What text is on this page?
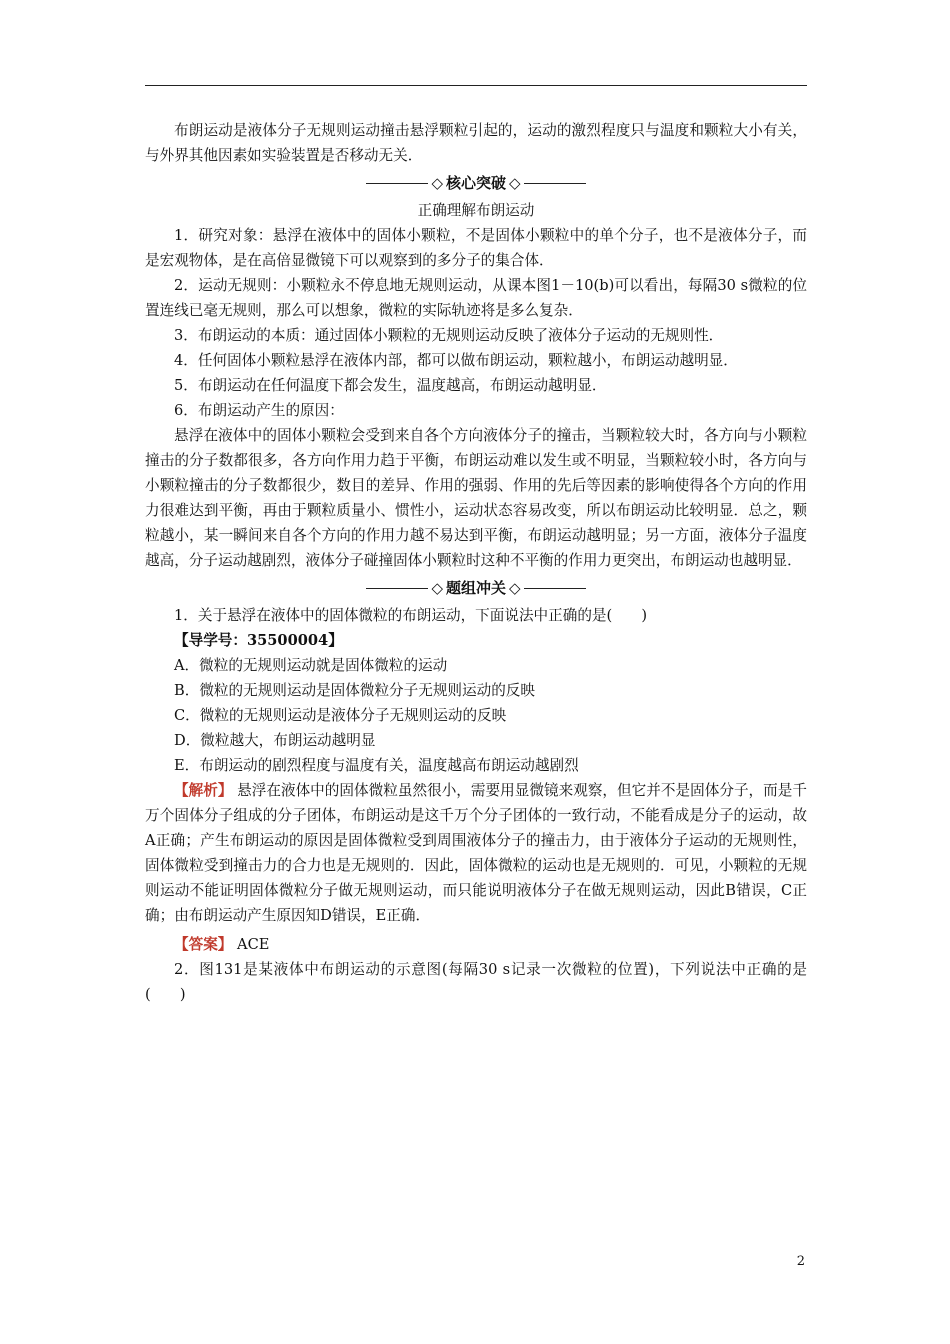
布朗运动是液体分子无规则运动撞击悬浮颗粒引起的，运动的激烈程度只与温度和颗粒大小有关，与外界其他因素如实验装置是否移动无关．

◇ 核心突破 ◇

正确理解布朗运动

1．研究对象：悬浮在液体中的固体小颗粒，不是固体小颗粒中的单个分子，也不是液体分子，而是宏观物体，是在高倍显微镜下可以观察到的多分子的集合体．

2．运动无规则：小颗粒永不停息地无规则运动，从课本图1－10(b)可以看出，每隔30 s微粒的位置连线已毫无规则，那么可以想象，微粒的实际轨迹将是多么复杂．

3．布朗运动的本质：通过固体小颗粒的无规则运动反映了液体分子运动的无规则性．

4．任何固体小颗粒悬浮在液体内部，都可以做布朗运动，颗粒越小，布朗运动越明显．

5．布朗运动在任何温度下都会发生，温度越高，布朗运动越明显．

6．布朗运动产生的原因：

悬浮在液体中的固体小颗粒会受到来自各个方向液体分子的撞击，当颗粒较大时，各方向与小颗粒撞击的分子数都很多，各方向作用力趋于平衡，布朗运动难以发生或不明显，当颗粒较小时，各方向与小颗粒撞击的分子数都很少，数目的差异、作用的强弱、作用的先后等因素的影响使得各个方向的作用力很难达到平衡，再由于颗粒质量小、惯性小，运动状态容易改变，所以布朗运动比较明显．总之，颗粒越小，某一瞬间来自各个方向的作用力越不易达到平衡，布朗运动越明显；另一方面，液体分子温度越高，分子运动越剧烈，液体分子碰撞固体小颗粒时这种不平衡的作用力更突出，布朗运动也越明显．

◇ 题组冲关 ◇

1．关于悬浮在液体中的固体微粒的布朗运动，下面说法中正确的是(　　)

【导学号：35500004】

A．微粒的无规则运动就是固体微粒的运动

B．微粒的无规则运动是固体微粒分子无规则运动的反映

C．微粒的无规则运动是液体分子无规则运动的反映

D．微粒越大，布朗运动越明显

E．布朗运动的剧烈程度与温度有关，温度越高布朗运动越剧烈

【解析】 悬浮在液体中的固体微粒虽然很小，需要用显微镜来观察，但它并不是固体分子，而是千万个固体分子组成的分子团体，布朗运动是这千万个分子团体的一致行动，不能看成是分子的运动，故A正确；产生布朗运动的原因是固体微粒受到周围液体分子的撞击力，由于液体分子运动的无规则性，固体微粒受到撞击力的合力也是无规则的．因此，固体微粒的运动也是无规则的．可见，小颗粒的无规则运动不能证明固体微粒分子做无规则运动，而只能说明液体分子在做无规则运动，因此B错误，C正确；由布朗运动产生原因知D错误，E正确．

【答案】 ACE

2．图131是某液体中布朗运动的示意图(每隔30 s记录一次微粒的位置)，下列说法中正确的是　(　　)

2
